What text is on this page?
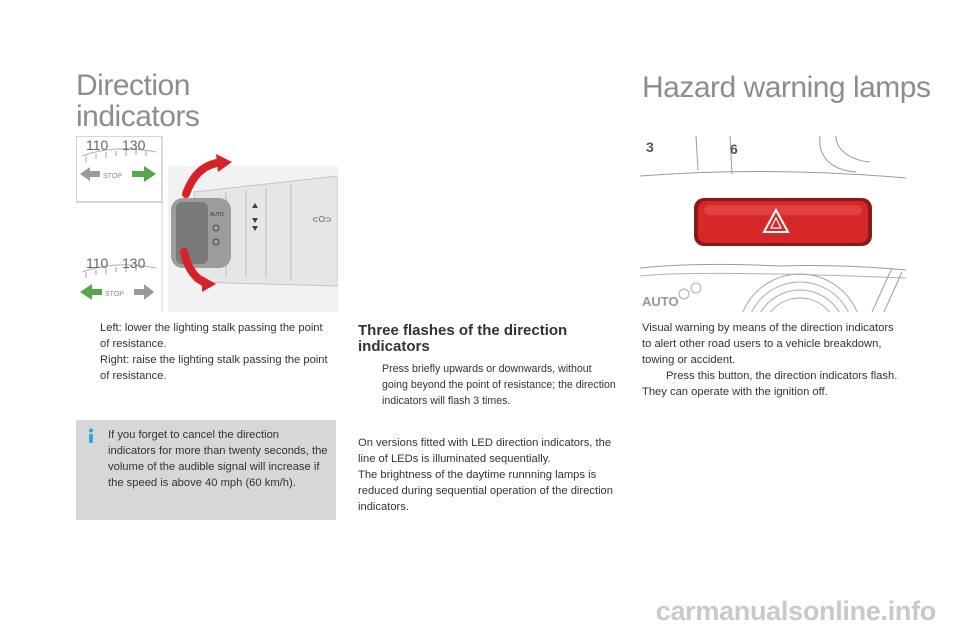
Direction
indicators
110 130
STOP
110 130
STOP
AUTO	⊂O⊃
Left: lower the lighting stalk passing the point of resistance.
Right: raise the lighting stalk passing the point of resistance.

If you forget to cancel the direction indicators for more than twenty seconds, the volume of the audible signal will increase if the speed is above 40 mph (60 km/h).

Three flashes of the direction indicators
Press briefly upwards or downwards, without going beyond the point of resistance; the direction indicators will flash 3 times.

On versions fitted with LED direction indicators, the line of LEDs is illuminated sequentially.

The brightness of the daytime runnning lamps is reduced during sequential operation of the direction indicators.

Hazard warning lamps
3	6
AUTO

Visual warning by means of the direction indicators to alert other road users to a vehicle breakdown, towing or accident.

Press this button, the direction indicators flash.

They can operate with the ignition off.

carmanualsonline.info
